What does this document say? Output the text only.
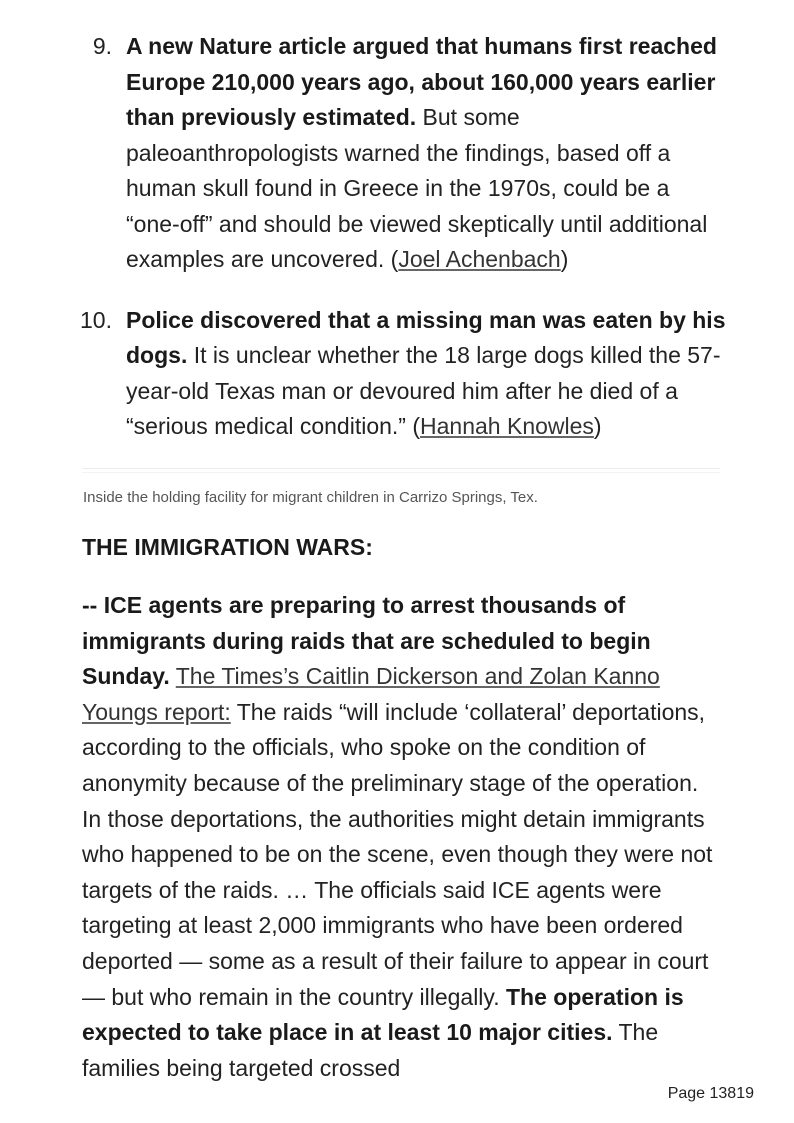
9. A new Nature article argued that humans first reached Europe 210,000 years ago, about 160,000 years earlier than previously estimated. But some paleoanthropologists warned the findings, based off a human skull found in Greece in the 1970s, could be a “one-off” and should be viewed skeptically until additional examples are uncovered. (Joel Achenbach)
10. Police discovered that a missing man was eaten by his dogs. It is unclear whether the 18 large dogs killed the 57-year-old Texas man or devoured him after he died of a “serious medical condition.” (Hannah Knowles)
Inside the holding facility for migrant children in Carrizo Springs, Tex.
THE IMMIGRATION WARS:
-- ICE agents are preparing to arrest thousands of immigrants during raids that are scheduled to begin Sunday. The Times’s Caitlin Dickerson and Zolan Kanno Youngs report: The raids “will include ‘collateral’ deportations, according to the officials, who spoke on the condition of anonymity because of the preliminary stage of the operation. In those deportations, the authorities might detain immigrants who happened to be on the scene, even though they were not targets of the raids. … The officials said ICE agents were targeting at least 2,000 immigrants who have been ordered deported — some as a result of their failure to appear in court — but who remain in the country illegally. The operation is expected to take place in at least 10 major cities. The families being targeted crossed
Page 13819
